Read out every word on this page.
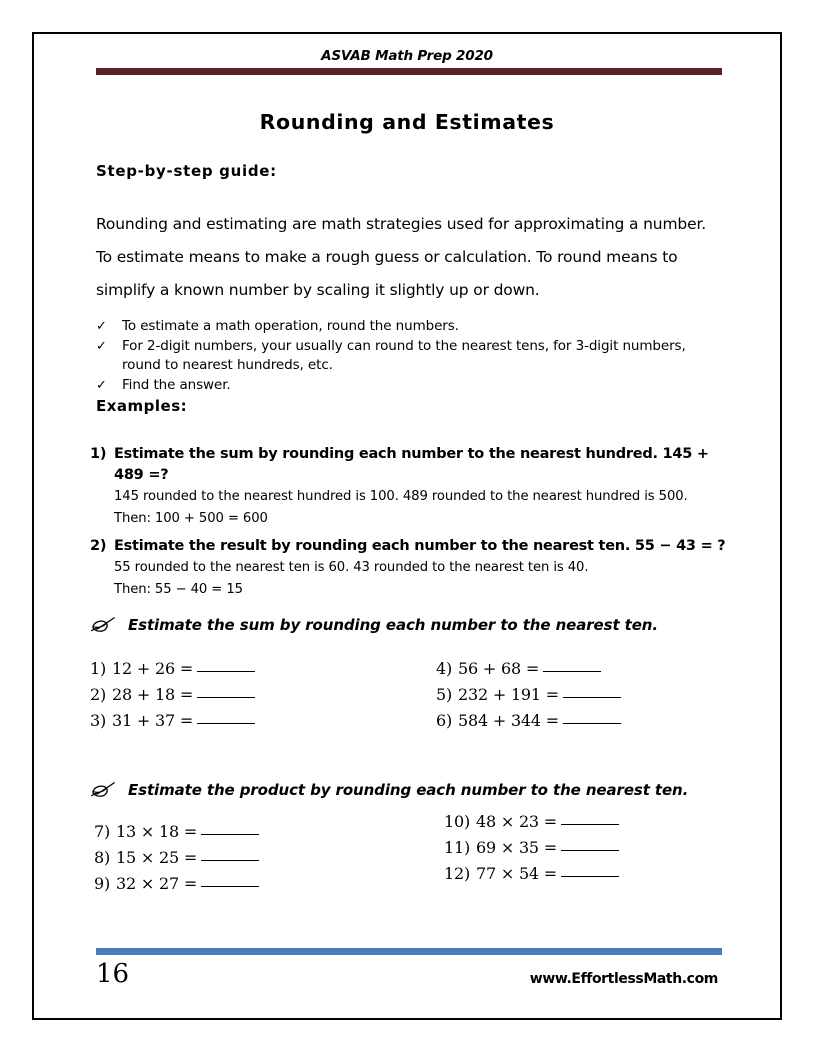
ASVAB Math Prep 2020
Rounding and Estimates
Step-by-step guide:
Rounding and estimating are math strategies used for approximating a number. To estimate means to make a rough guess or calculation. To round means to simplify a known number by scaling it slightly up or down.
✓	To estimate a math operation, round the numbers.
✓	For 2-digit numbers, your usually can round to the nearest tens, for 3-digit numbers, round to nearest hundreds, etc.
✓	Find the answer.
Examples:
1) Estimate the sum by rounding each number to the nearest hundred. 145 + 489 =?
145 rounded to the nearest hundred is 100. 489 rounded to the nearest hundred is 500.
Then: 100 + 500 = 600
2) Estimate the result by rounding each number to the nearest ten. 55 − 43 = ?
55 rounded to the nearest ten is 60. 43 rounded to the nearest ten is 40.
Then: 55 − 40 = 15
Estimate the sum by rounding each number to the nearest ten.
1) 12 + 26 =
2) 28 + 18 =
3) 31 + 37 =
4) 56 + 68 =
5) 232 + 191 =
6) 584 + 344 =
Estimate the product by rounding each number to the nearest ten.
7) 13 × 18 =
8) 15 × 25 =
9) 32 × 27 =
10) 48 × 23 =
11) 69 × 35 =
12) 77 × 54 =
16	www.EffortlessMath.com
